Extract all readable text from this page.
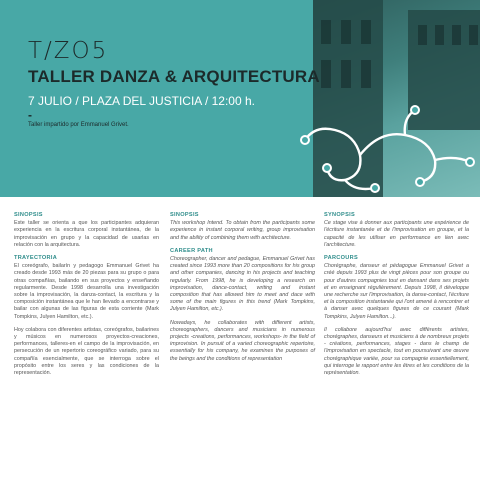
T/ZO5
TALLER DANZA & ARQUITECTURA
7 JULIO / PLAZA DEL JUSTICIA / 12:00 h.
-
Taller impartido por Emmanuel Grivet.
SINOPSIS

Este taller se orienta a que los participantes adquieran experiencia en la escritura corporal instantánea, de la improvisación en grupo y la capacidad de usarlas en relación con la arquitectura.

TRAYECTORIA

El coreógrafo, bailarín y pedagogo Emmanuel Grivet ha creado desde 1993 más de 20 piezas para su grupo o para otras compañías, bailando en sus proyectos y enseñando regularmente. Desde 1998 desarrolla una investigación sobre la improvisación, la danza-contact, la escritura y la composición instantánea que le han llevado a encontrarse y bailar con algunas de las figuras de esta corriente (Mark Tompkins, Julyen Hamilton, etc.).

Hoy colabora con diferentes artistas, coreógrafos, bailarines y músicos en numerosos proyectos-creaciones, performances, talleres-en el campo de la improvisación, en persecución de un repertorio coreográfico variado, para su compañía esencialmente, que se interroga sobre el propósito entre los seres y las condiciones de la representación.

SINOPSIS

This workshop Intend. To obtain from the participants some experience in instant corporal writing, group improvisation and the ability of combining them with architecture.

CAREER PATH

Choreographer, dancer and pedague, Emmanuel Grivet has created since 1993 more than 20 compositions for his group and other companies, dancing in his projects and teaching regularly. From 1998, he is developing a research on improvisation, dance-contact, writing and instant composition that has allowed him to meet and dace with some of the main figures in this trend (Mark Tompkins, Julyen Hamilton, etc.).

Nowadays, he collaborates with different artists, choreographers, dancers and musicians in numerous projects -creations, performances, workshops- in the field of improvision. In pursuit of a varied choreographic repertoire, essentially for his company, he examines the purposes of the beings and the conditions of representation

SYNOPSIS

Ce stage vise à donner aux participants une expérience de l'écriture instantanée et de l'improvisation en groupe, et la capacité de les utiliser en performance en lien avec l'architecture.

PARCOURS

Chorégraphe, danseur et pédagogue Emmanuel Grivet a créé depuis 1993 plus de vingt pièces pour son groupe ou pour d'autres compagnies tout en dansant dans ses projets et en enseignant régulièrement. Depuis 1998, il développe une recherche sur l'improvisation, la danse-contact, l'écriture et la composition instantanée qui l'ont amené à rencontrer et à danser avec quelques figures de ce courant (Mark Tompkins, Julyen Hamilton...).

Il collabore aujourd'hui avec différents artistes, chorégraphes, danseurs et musiciens à de nombreux projets - créations, performances, stages - dans le champ de l'improvisation en spectacle, tout en poursuivant une œuvre chorégraphique variée, pour sa compagnie essentiellement, qui interroge le rapport entre les êtres et les conditions de la représentation.
